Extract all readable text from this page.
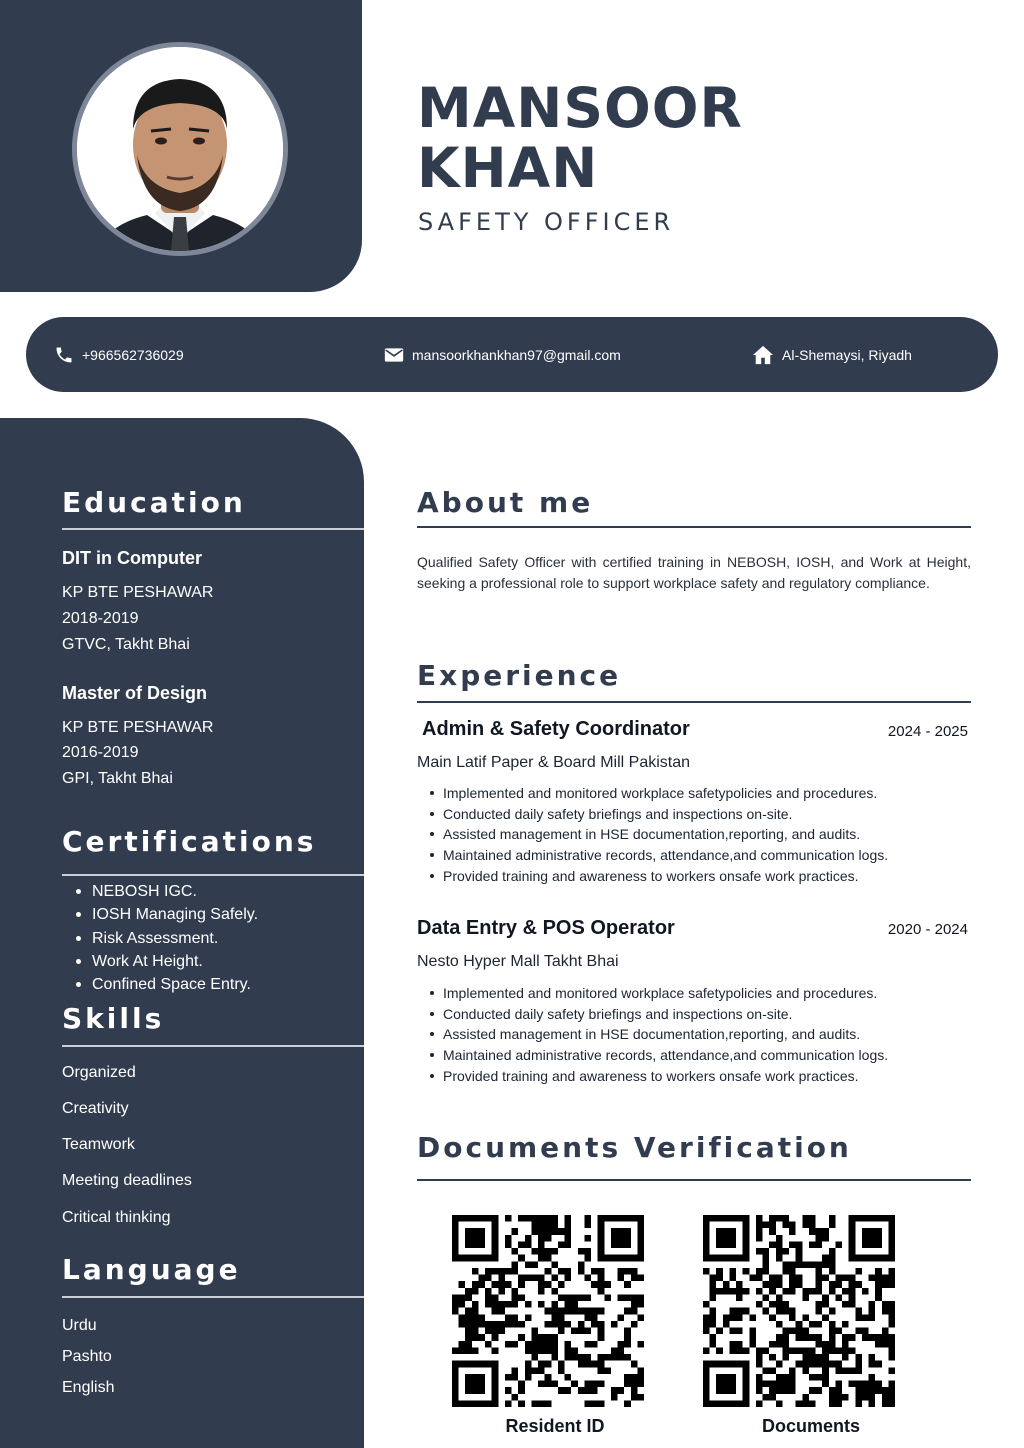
MANSOOR
KHAN
SAFETY OFFICER
+966562736029	mansoorkhankhan97@gmail.com	Al-Shemaysi, Riyadh
Education
DIT in Computer
KP BTE PESHAWAR
2018-2019
GTVC, Takht Bhai
Master of Design
KP BTE PESHAWAR
2016-2019
GPI, Takht Bhai
Certifications
NEBOSH IGC.
IOSH Managing Safely.
Risk Assessment.
Work At Height.
Confined Space Entry.
Skills
Organized
Creativity
Teamwork
Meeting deadlines
Critical thinking
Language
Urdu
Pashto
English
About me
Qualified Safety Officer with certified training in NEBOSH, IOSH, and Work at Height, seeking a professional role to support workplace safety and regulatory compliance.
Experience
Admin & Safety Coordinator	2024 - 2025
Main Latif Paper & Board Mill Pakistan
Implemented and monitored workplace safetypolicies and procedures.
Conducted daily safety briefings and inspections on-site.
Assisted management in HSE documentation,reporting, and audits.
Maintained administrative records, attendance,and communication logs.
Provided training and awareness to workers onsafe work practices.
Data Entry & POS Operator	2020 - 2024
Nesto Hyper Mall Takht Bhai
Implemented and monitored workplace safetypolicies and procedures.
Conducted daily safety briefings and inspections on-site.
Assisted management in HSE documentation,reporting, and audits.
Maintained administrative records, attendance,and communication logs.
Provided training and awareness to workers onsafe work practices.
Documents Verification
Resident ID	Documents
